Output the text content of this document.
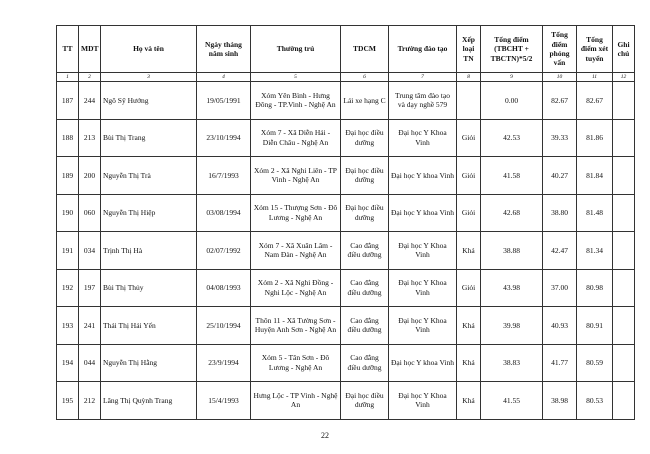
TT	MDT	Họ và tên	Ngày tháng năm sinh	Thường trú	TDCM	Trường đào tạo	Xếp loại TN	Tổng điểm (TBCHT + TBCTN)*5/2	Tổng điểm phỏng vấn	Tổng điểm xét tuyển	Ghi chú
1	2	3	4	5	6	7	8	9	10	11	12
187	244	Ngô Sỹ Hướng	19/05/1991	Xóm Yên Bình - Hưng Đông - TP.Vinh - Nghệ An	Lái xe hạng C	Trung tâm đào tạo và dạy nghề 579		0.00	82.67	82.67	
188	213	Bùi Thị Trang	23/10/1994	Xóm 7 - Xã Diễn Hải - Diễn Châu - Nghệ An	Đại học điều dưỡng	Đại học Y Khoa Vinh	Giỏi	42.53	39.33	81.86	
189	200	Nguyễn Thị Trà	16/7/1993	Xóm 2 - Xã Nghi Liên - TP Vinh - Nghệ An	Đại học điều dưỡng	Đại học Y khoa Vinh	Giỏi	41.58	40.27	81.84	
190	060	Nguyễn Thị Hiệp	03/08/1994	Xóm 15 - Thượng Sơn - Đô Lương - Nghệ An	Đại học điều dưỡng	Đại học Y khoa Vinh	Giỏi	42.68	38.80	81.48	
191	034	Trịnh Thị Hà	02/07/1992	Xóm 7 - Xã Xuân Lâm - Nam Đàn - Nghệ An	Cao đẳng điều dưỡng	Đại học Y Khoa Vinh	Khá	38.88	42.47	81.34	
192	197	Bùi Thị Thủy	04/08/1993	Xóm 2 - Xã Nghi Đồng - Nghi Lộc - Nghệ An	Cao đẳng điều dưỡng	Đại học Y Khoa Vinh	Giỏi	43.98	37.00	80.98	
193	241	Thái Thị Hải Yến	25/10/1994	Thôn 11 - Xã Tường Sơn - Huyện Anh Sơn - Nghệ An	Cao đẳng điều dưỡng	Đại học Y Khoa Vinh	Khá	39.98	40.93	80.91	
194	044	Nguyễn Thị Hằng	23/9/1994	Xóm 5 - Tân Sơn - Đô Lương - Nghệ An	Cao đẳng điều dưỡng	Đại học Y khoa Vinh	Khá	38.83	41.77	80.59	
195	212	Lăng Thị Quỳnh Trang	15/4/1993	Hưng Lộc - TP Vinh - Nghệ An	Đại học điều dưỡng	Đại học Y Khoa Vinh	Khá	41.55	38.98	80.53	
22
